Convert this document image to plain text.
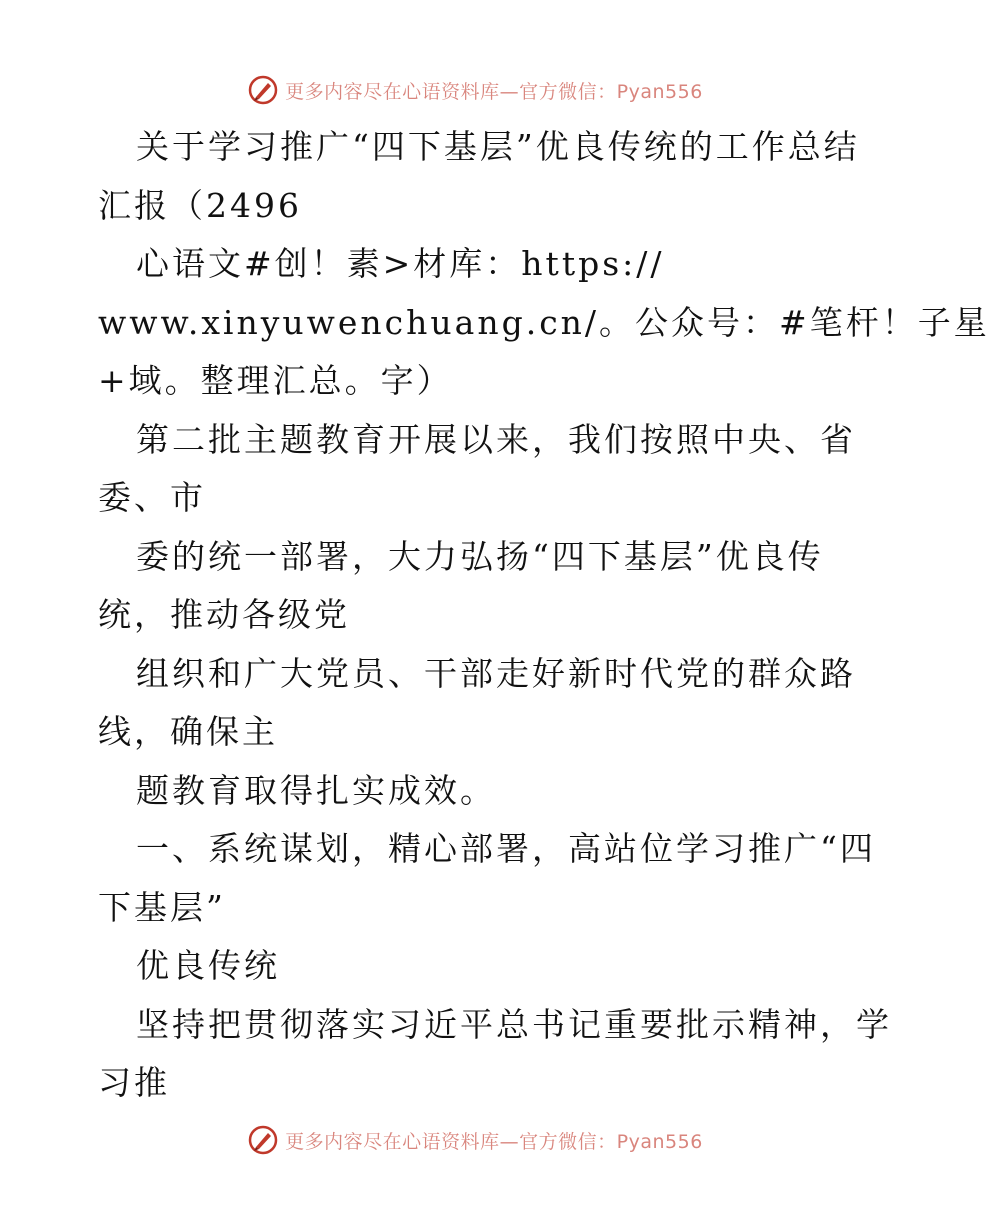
更多内容尽在心语资料库—官方微信：Pyan556
关于学习推广“四下基层”优良传统的工作总结
汇报（2496
心语文#创！素>材库：https://
www.xinyuwenchuang.cn/。公众号：#笔杆！子星
+域。整理汇总。字）
第二批主题教育开展以来，我们按照中央、省
委、市
委的统一部署，大力弘扬“四下基层”优良传
统，推动各级党
组织和广大党员、干部走好新时代党的群众路
线，确保主
题教育取得扎实成效。
一、系统谋划，精心部署，高站位学习推广“四
下基层”
优良传统
坚持把贯彻落实习近平总书记重要批示精神，学
习推
更多内容尽在心语资料库—官方微信：Pyan556
